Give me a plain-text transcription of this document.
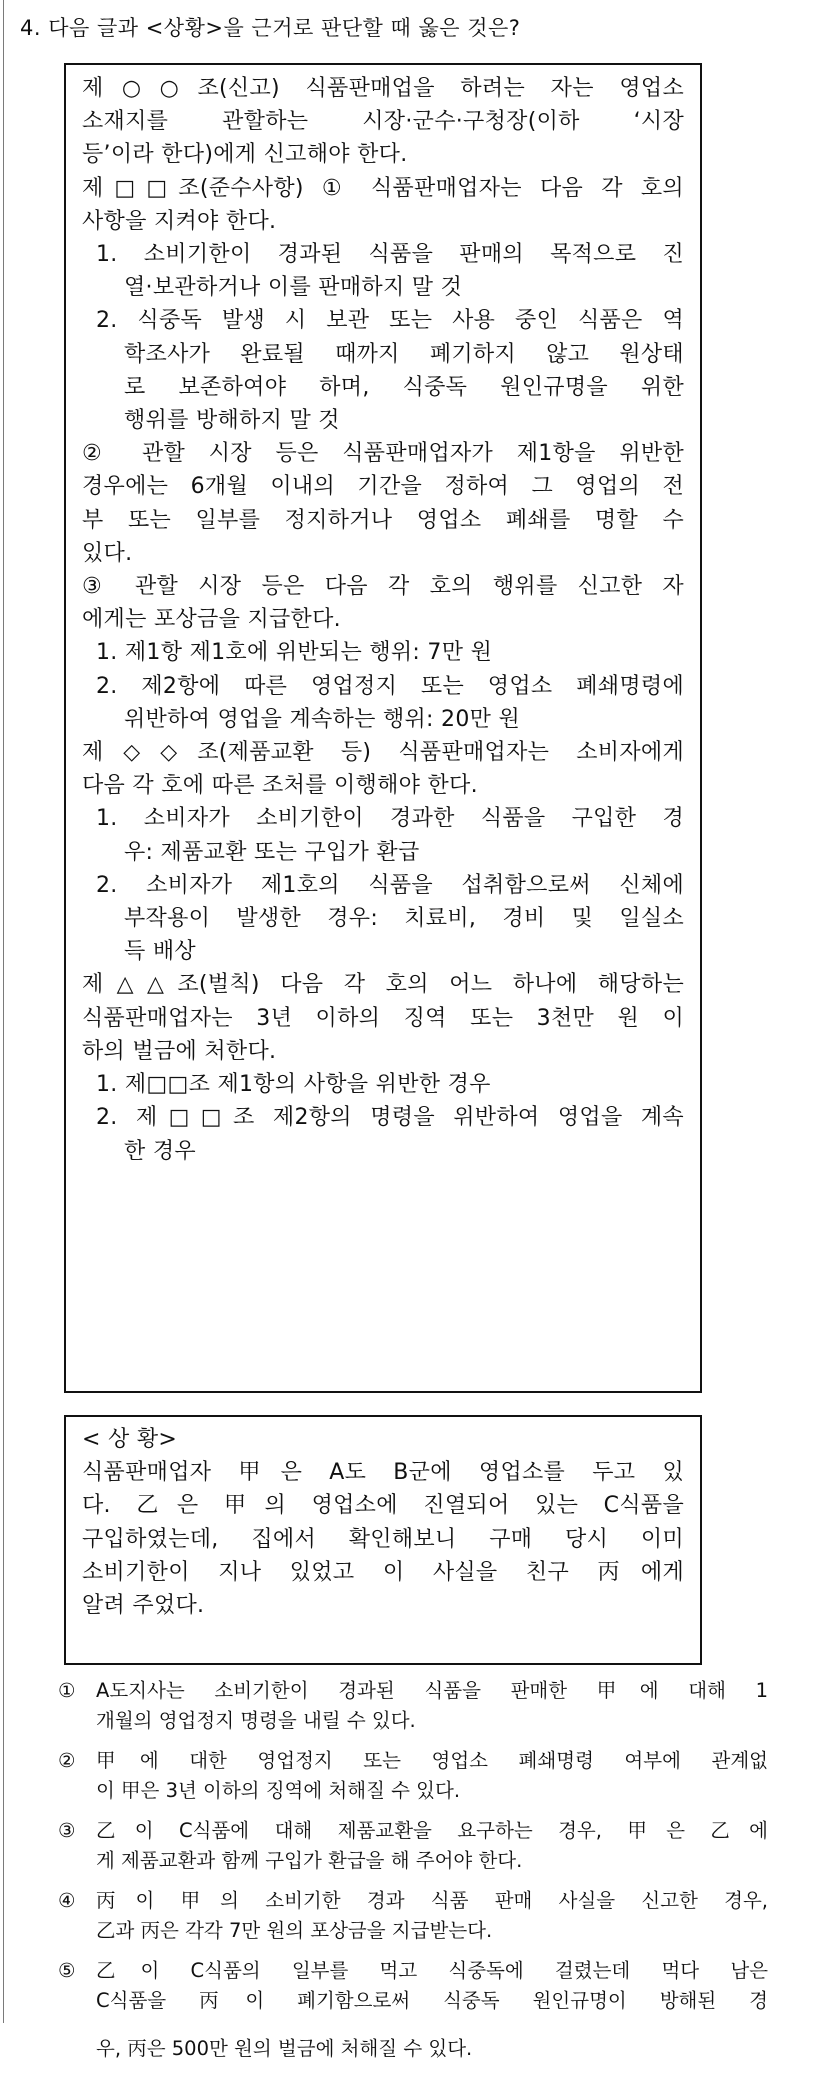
4. 다음 글과 <상황>을 근거로 판단할 때 옳은 것은?
제○○조(신고) 식품판매업을 하려는 자는 영업소
소재지를 관할하는 시장·군수·구청장(이하 ‘시장
등’이라 한다)에게 신고해야 한다.
제□□조(준수사항) ① 식품판매업자는 다음 각 호의
사항을 지켜야 한다.
1. 소비기한이 경과된 식품을 판매의 목적으로 진
열·보관하거나 이를 판매하지 말 것
2. 식중독 발생 시 보관 또는 사용 중인 식품은 역
학조사가 완료될 때까지 폐기하지 않고 원상태
로 보존하여야 하며, 식중독 원인규명을 위한
행위를 방해하지 말 것
② 관할 시장 등은 식품판매업자가 제1항을 위반한
경우에는 6개월 이내의 기간을 정하여 그 영업의 전
부 또는 일부를 정지하거나 영업소 폐쇄를 명할 수
있다.
③ 관할 시장 등은 다음 각 호의 행위를 신고한 자
에게는 포상금을 지급한다.
1. 제1항 제1호에 위반되는 행위: 7만 원
2. 제2항에 따른 영업정지 또는 영업소 폐쇄명령에
위반하여 영업을 계속하는 행위: 20만 원
제◇◇조(제품교환 등) 식품판매업자는 소비자에게
다음 각 호에 따른 조처를 이행해야 한다.
1. 소비자가 소비기한이 경과한 식품을 구입한 경
우: 제품교환 또는 구입가 환급
2. 소비자가 제1호의 식품을 섭취함으로써 신체에
부작용이 발생한 경우: 치료비, 경비 및 일실소
득 배상
제△△조(벌칙) 다음 각 호의 어느 하나에 해당하는
식품판매업자는 3년 이하의 징역 또는 3천만 원 이
하의 벌금에 처한다.
1. 제□□조 제1항의 사항을 위반한 경우
2. 제□□조 제2항의 명령을 위반하여 영업을 계속
한 경우
< 상 황>
식품판매업자 甲은 A도 B군에 영업소를 두고 있
다. 乙은 甲의 영업소에 진열되어 있는 C식품을
구입하였는데, 집에서 확인해보니 구매 당시 이미
소비기한이 지나 있었고 이 사실을 친구 丙에게
알려 주었다.
①	A도지사는 소비기한이 경과된 식품을 판매한 甲에 대해 1
개월의 영업정지 명령을 내릴 수 있다.
②	甲에 대한 영업정지 또는 영업소 폐쇄명령 여부에 관계없
이 甲은 3년 이하의 징역에 처해질 수 있다.
③	乙이 C식품에 대해 제품교환을 요구하는 경우, 甲은 乙에
게 제품교환과 함께 구입가 환급을 해 주어야 한다.
④	丙이 甲의 소비기한 경과 식품 판매 사실을 신고한 경우,
乙과 丙은 각각 7만 원의 포상금을 지급받는다.
⑤	乙이 C식품의 일부를 먹고 식중독에 걸렸는데 먹다 남은
C식품을 丙이 폐기함으로써 식중독 원인규명이 방해된 경
우, 丙은 500만 원의 벌금에 처해질 수 있다.
